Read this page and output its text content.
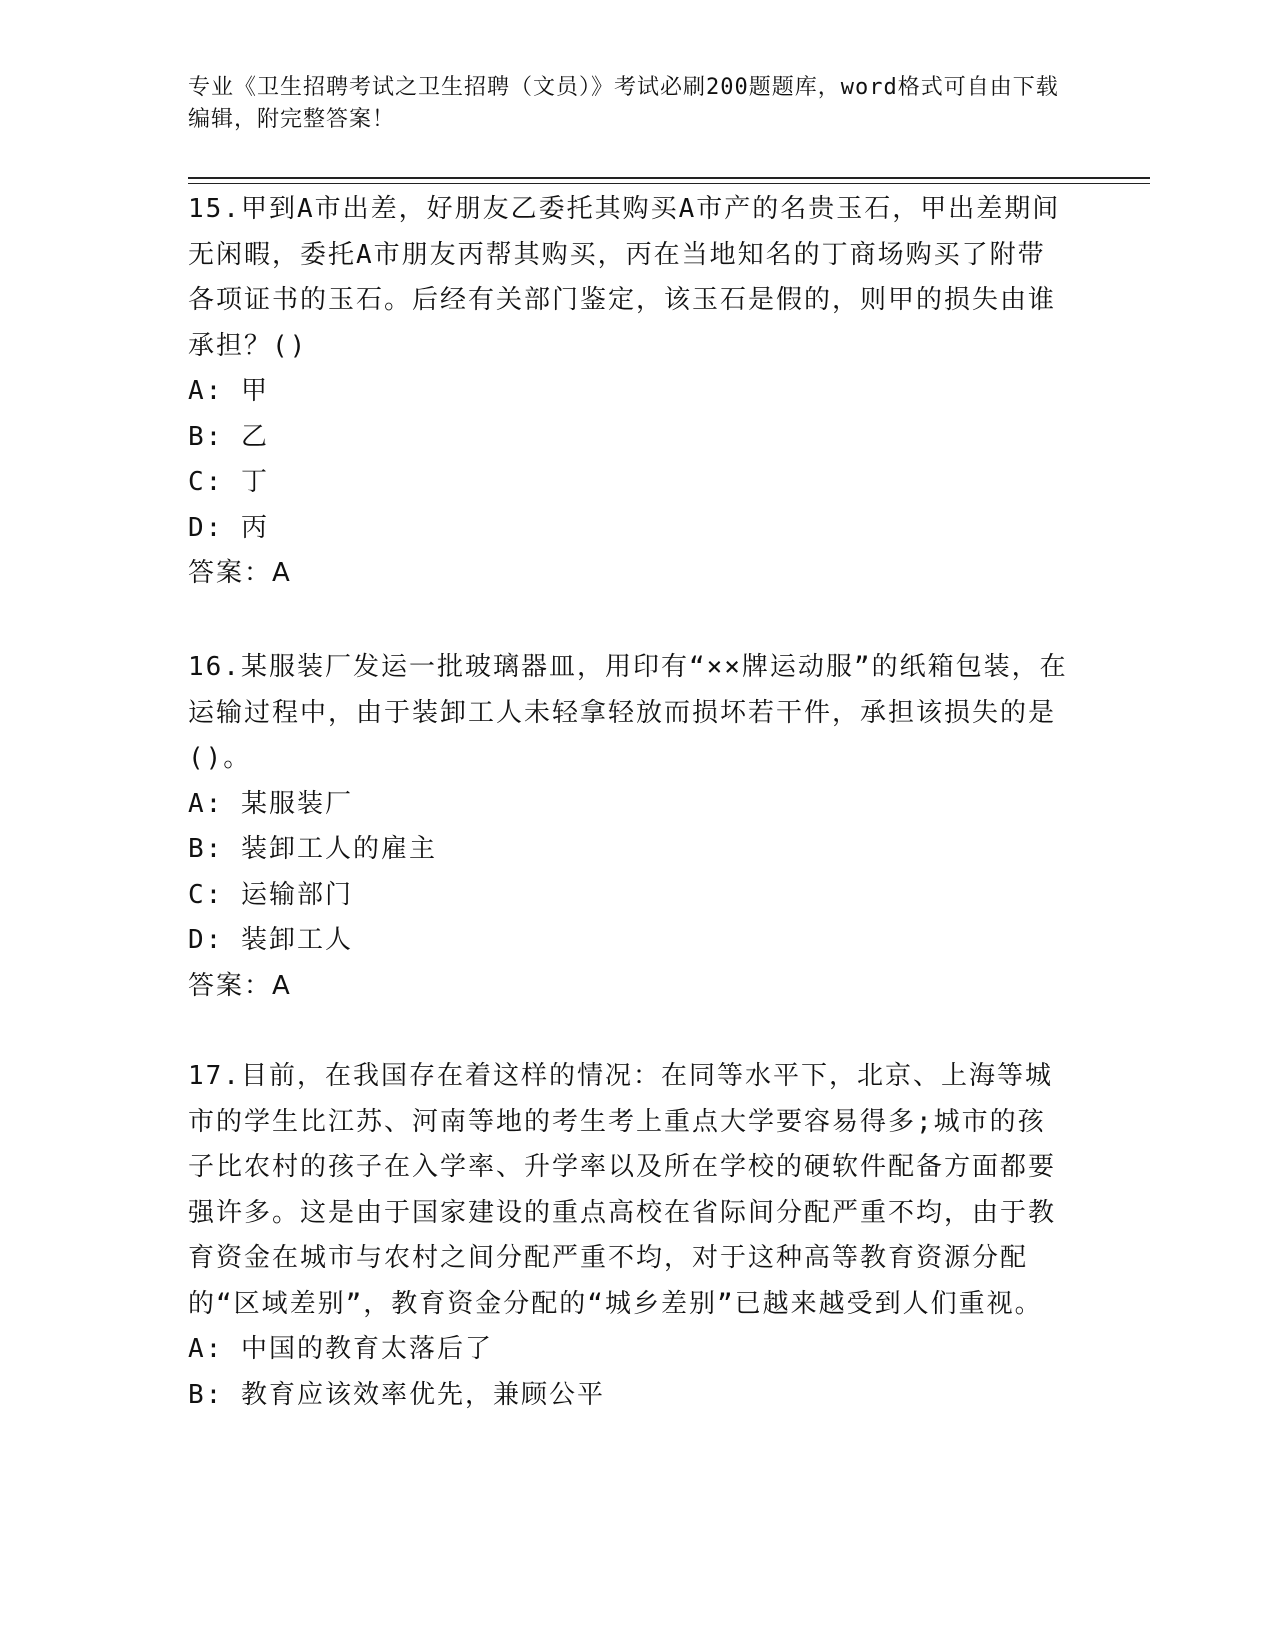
专业《卫生招聘考试之卫生招聘（文员）》考试必刷200题题库，word格式可自由下载编辑，附完整答案！

15.甲到A市出差，好朋友乙委托其购买A市产的名贵玉石，甲出差期间无闲暇，委托A市朋友丙帮其购买，丙在当地知名的丁商场购买了附带各项证书的玉石。后经有关部门鉴定，该玉石是假的，则甲的损失由谁承担？()

A: 甲

B: 乙

C: 丁

D: 丙

答案：A

16.某服装厂发运一批玻璃器皿，用印有“××牌运动服”的纸箱包装，在运输过程中，由于装卸工人未轻拿轻放而损坏若干件，承担该损失的是()。

A: 某服装厂

B: 装卸工人的雇主

C: 运输部门

D: 装卸工人

答案：A

17.目前，在我国存在着这样的情况：在同等水平下，北京、上海等城市的学生比江苏、河南等地的考生考上重点大学要容易得多;城市的孩子比农村的孩子在入学率、升学率以及所在学校的硬软件配备方面都要强许多。这是由于国家建设的重点高校在省际间分配严重不均，由于教育资金在城市与农村之间分配严重不均，对于这种高等教育资源分配的“区域差别”，教育资金分配的“城乡差别”已越来越受到人们重视。

A: 中国的教育太落后了

B: 教育应该效率优先，兼顾公平
